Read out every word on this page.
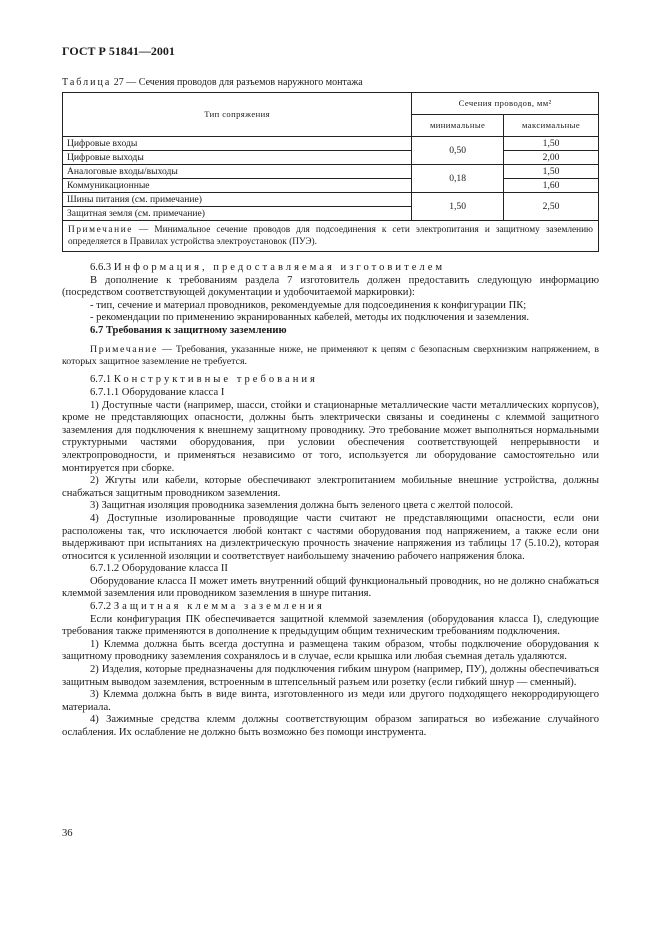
ГОСТ Р 51841—2001
Таблица 27 — Сечения проводов для разъемов наружного монтажа
Тип сопряжения	Сечения проводов, мм²	
	минимальные	максимальные
Цифровые входы	0,50	1,50
Цифровые выходы		2,00
Аналоговые входы/выходы	0,18	1,50
Коммуникационные		1,60
Шины питания (см. примечание)	1,50	2,50
Защитная земля (см. примечание)		
Примечание — Минимальное сечение проводов для подсоединения к сети электропитания и защитному заземлению определяется в Правилах устройства электроустановок (ПУЭ).		

6.6.3 Информация, предоставляемая изготовителем

В дополнение к требованиям раздела 7 изготовитель должен предоставить следующую информацию (посредством соответствующей документации и удобочитаемой маркировки):

- тип, сечение и материал проводников, рекомендуемые для подсоединения к конфигурации ПК;

- рекомендации по применению экранированных кабелей, методы их подключения и заземления.

6.7 Требования к защитному заземлению

Примечание — Требования, указанные ниже, не применяют к цепям с безопасным сверхнизким напряжением, в которых защитное заземление не требуется.

6.7.1 Конструктивные требования

6.7.1.1 Оборудование класса I

1) Доступные части (например, шасси, стойки и стационарные металлические части металлических корпусов), кроме не представляющих опасности, должны быть электрически связаны и соединены с клеммой защитного заземления для подключения к внешнему защитному проводнику. Это требование может выполняться нормальными структурными частями оборудования, при условии обеспечения соответствующей непрерывности и электропроводности, и применяться независимо от того, используется ли оборудование самостоятельно или монтируется при сборке.

2) Жгуты или кабели, которые обеспечивают электропитанием мобильные внешние устройства, должны снабжаться защитным проводником заземления.

3) Защитная изоляция проводника заземления должна быть зеленого цвета с желтой полосой.

4) Доступные изолированные проводящие части считают не представляющими опасности, если они расположены так, что исключается любой контакт с частями оборудования под напряжением, а также если они выдерживают при испытаниях на диэлектрическую прочность значение напряжения из таблицы 17 (5.10.2), которая относится к усиленной изоляции и соответствует наибольшему значению рабочего напряжения блока.

6.7.1.2 Оборудование класса II

Оборудование класса II может иметь внутренний общий функциональный проводник, но не должно снабжаться клеммой заземления или проводником заземления в шнуре питания.

6.7.2 Защитная клемма заземления

Если конфигурация ПК обеспечивается защитной клеммой заземления (оборудования класса I), следующие требования также применяются в дополнение к предыдущим общим техническим требованиям подключения.

1) Клемма должна быть всегда доступна и размещена таким образом, чтобы подключение оборудования к защитному проводнику заземления сохранялось и в случае, если крышка или любая съемная деталь удаляются.

2) Изделия, которые предназначены для подключения гибким шнуром (например, ПУ), должны обеспечиваться защитным выводом заземления, встроенным в штепсельный разъем или розетку (если гибкий шнур — сменный).

3) Клемма должна быть в виде винта, изготовленного из меди или другого подходящего некорродирующего материала.

4) Зажимные средства клемм должны соответствующим образом запираться во избежание случайного ослабления. Их ослабление не должно быть возможно без помощи инструмента.

36
